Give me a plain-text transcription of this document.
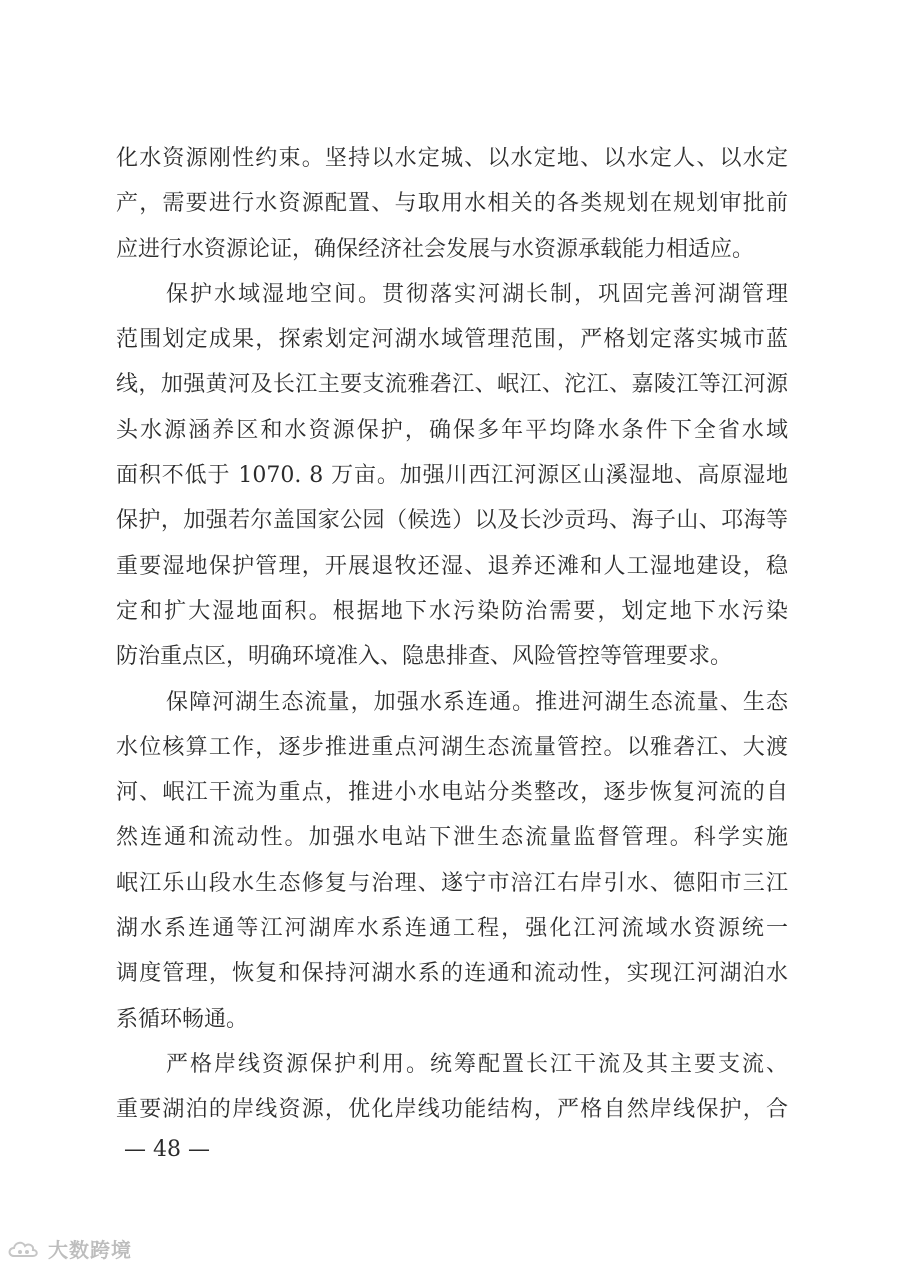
化水资源刚性约束。坚持以水定城、以水定地、以水定人、以水定
产，需要进行水资源配置、与取用水相关的各类规划在规划审批前
应进行水资源论证，确保经济社会发展与水资源承载能力相适应。
保护水域湿地空间。贯彻落实河湖长制，巩固完善河湖管理
范围划定成果，探索划定河湖水域管理范围，严格划定落实城市蓝
线，加强黄河及长江主要支流雅砻江、岷江、沱江、嘉陵江等江河源
头水源涵养区和水资源保护，确保多年平均降水条件下全省水域
面积不低于 1070. 8 万亩。加强川西江河源区山溪湿地、高原湿地
保护，加强若尔盖国家公园（候选）以及长沙贡玛、海子山、邛海等
重要湿地保护管理，开展退牧还湿、退养还滩和人工湿地建设，稳
定和扩大湿地面积。根据地下水污染防治需要，划定地下水污染
防治重点区，明确环境准入、隐患排查、风险管控等管理要求。
保障河湖生态流量，加强水系连通。推进河湖生态流量、生态
水位核算工作，逐步推进重点河湖生态流量管控。以雅砻江、大渡
河、岷江干流为重点，推进小水电站分类整改，逐步恢复河流的自
然连通和流动性。加强水电站下泄生态流量监督管理。科学实施
岷江乐山段水生态修复与治理、遂宁市涪江右岸引水、德阳市三江
湖水系连通等江河湖库水系连通工程，强化江河流域水资源统一
调度管理，恢复和保持河湖水系的连通和流动性，实现江河湖泊水
系循环畅通。
严格岸线资源保护利用。统筹配置长江干流及其主要支流、
重要湖泊的岸线资源，优化岸线功能结构，严格自然岸线保护，合
— 48 —
大数跨境
